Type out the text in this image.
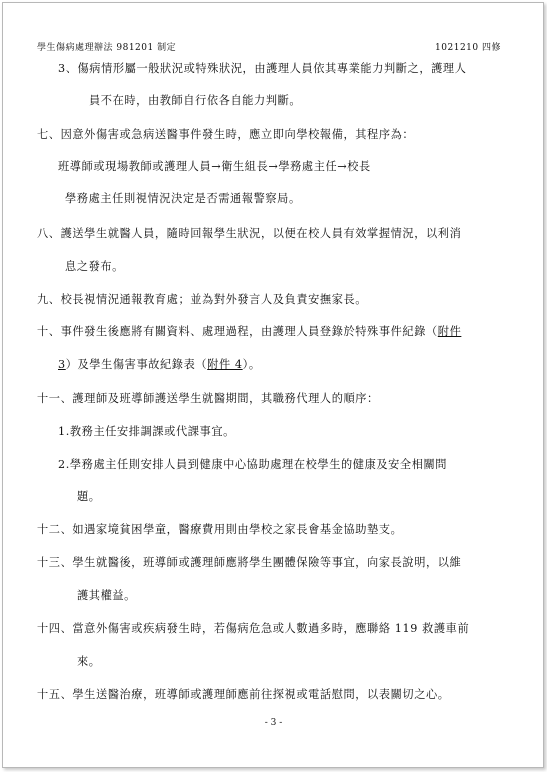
學生傷病處理辦法 981201 制定	1021210 四修
3、傷病情形屬一般狀況或特殊狀況，由護理人員依其專業能力判斷之，護理人
員不在時，由教師自行依各自能力判斷。
七、因意外傷害或急病送醫事件發生時，應立即向學校報備，其程序為：
班導師或現場教師或護理人員→衛生組長→學務處主任→校長
學務處主任則視情況決定是否需通報警察局。
八、護送學生就醫人員，隨時回報學生狀況，以便在校人員有效掌握情況，以利消
息之發布。
九、校長視情況通報教育處；並為對外發言人及負責安撫家長。
十、事件發生後應將有關資料、處理過程，由護理人員登錄於特殊事件紀錄（附件
3）及學生傷害事故紀錄表（附件 4）。
十一、護理師及班導師護送學生就醫期間，其職務代理人的順序：
1.教務主任安排調課或代課事宜。
2.學務處主任則安排人員到健康中心協助處理在校學生的健康及安全相關問
題。
十二、如遇家境貧困學童，醫療費用則由學校之家長會基金協助墊支。
十三、學生就醫後，班導師或護理師應將學生團體保險等事宜，向家長說明，以維
護其權益。
十四、當意外傷害或疾病發生時，若傷病危急或人數過多時，應聯絡 119 救護車前
來。
十五、學生送醫治療，班導師或護理師應前往探視或電話慰問，以表關切之心。
- 3 -
